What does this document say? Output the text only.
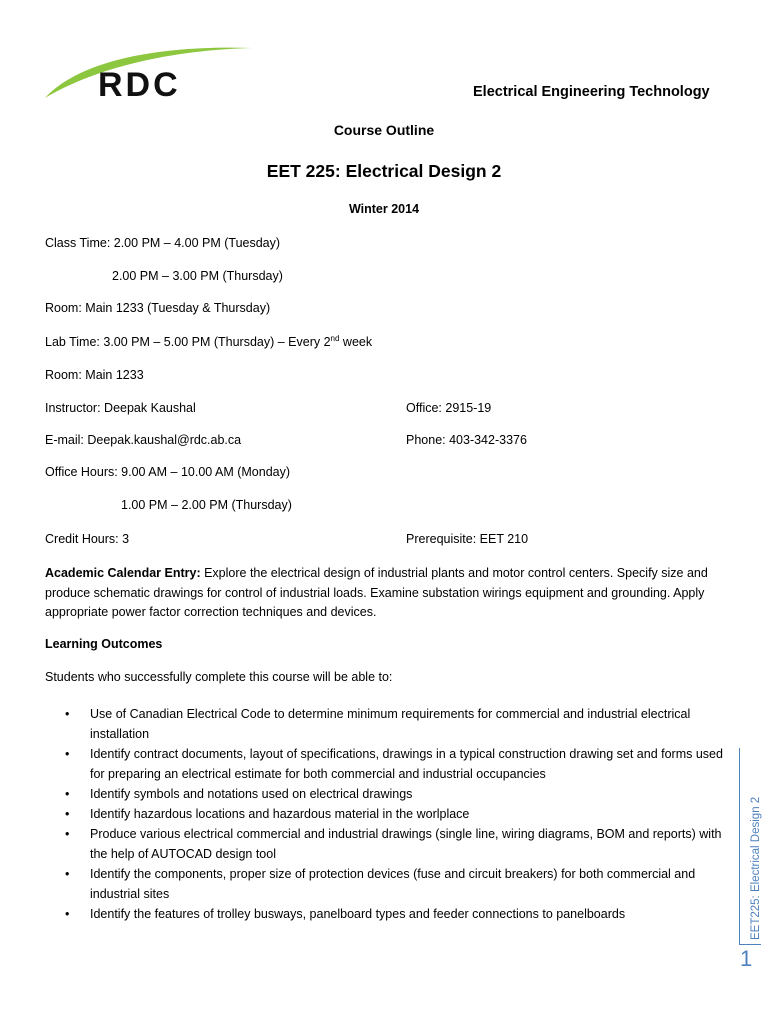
RDC	Electrical Engineering Technology
Course Outline
EET 225: Electrical Design 2
Winter 2014
Class Time: 2.00 PM – 4.00 PM (Tuesday)
2.00 PM – 3.00 PM (Thursday)
Room: Main 1233 (Tuesday & Thursday)
Lab Time: 3.00 PM – 5.00 PM (Thursday) – Every 2nd week
Room: Main 1233
Instructor: Deepak Kaushal	Office: 2915-19
E-mail: Deepak.kaushal@rdc.ab.ca	Phone: 403-342-3376
Office Hours: 9.00 AM – 10.00 AM (Monday)
1.00 PM – 2.00 PM (Thursday)
Credit Hours: 3	Prerequisite: EET 210
Academic Calendar Entry: Explore the electrical design of industrial plants and motor control centers. Specify size and produce schematic drawings for control of industrial loads. Examine substation wirings equipment and grounding. Apply appropriate power factor correction techniques and devices.
Learning Outcomes
Students who successfully complete this course will be able to:
• Use of Canadian Electrical Code to determine minimum requirements for commercial and industrial electrical installation
• Identify contract documents, layout of specifications, drawings in a typical construction drawing set and forms used for preparing an electrical estimate for both commercial and industrial occupancies
• Identify symbols and notations used on electrical drawings
• Identify hazardous locations and hazardous material in the worlplace
• Produce various electrical commercial and industrial drawings (single line, wiring diagrams, BOM and reports) with the help of AUTOCAD design tool
• Identify the components, proper size of protection devices (fuse and circuit breakers) for both commercial and industrial sites
• Identify the features of trolley busways, panelboard types and feeder connections to panelboards	EET225: Electrical Design 2
1
